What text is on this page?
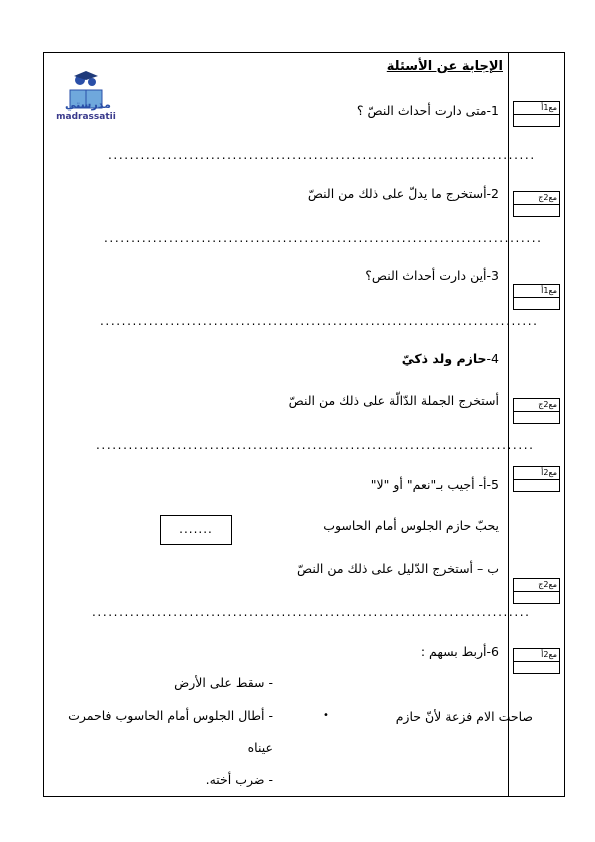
مدرستي
madrassatii
الإجابة عن الأسئلة
1-متى دارت أحداث النصّ ؟
...............................................................................
2-أستخرج ما يدلّ على ذلك من النصّ
.................................................................................
3-أين دارت أحداث النص؟
.................................................................................
4-حازم ولد ذكيّ
أستخرج الجملة الدّالّة على ذلك من النصّ
.................................................................................
5-أ- أجيب بـ"نعم" أو "لا"
يحبّ حازم الجلوس أمام الحاسوب
.......
ب – أستخرج الدّليل على ذلك من النصّ
.................................................................................
6-أربط بسهم :
- سقط على الأرض
صاحت الام فزعة لأنّ حازم
•
- أطال الجلوس أمام الحاسوب فاحمرت
عيناه
- ضرب أخته.
مع1أ
مع2ج
مع1أ
مع2ج
مع2أ
مع2ج
مع2أ
